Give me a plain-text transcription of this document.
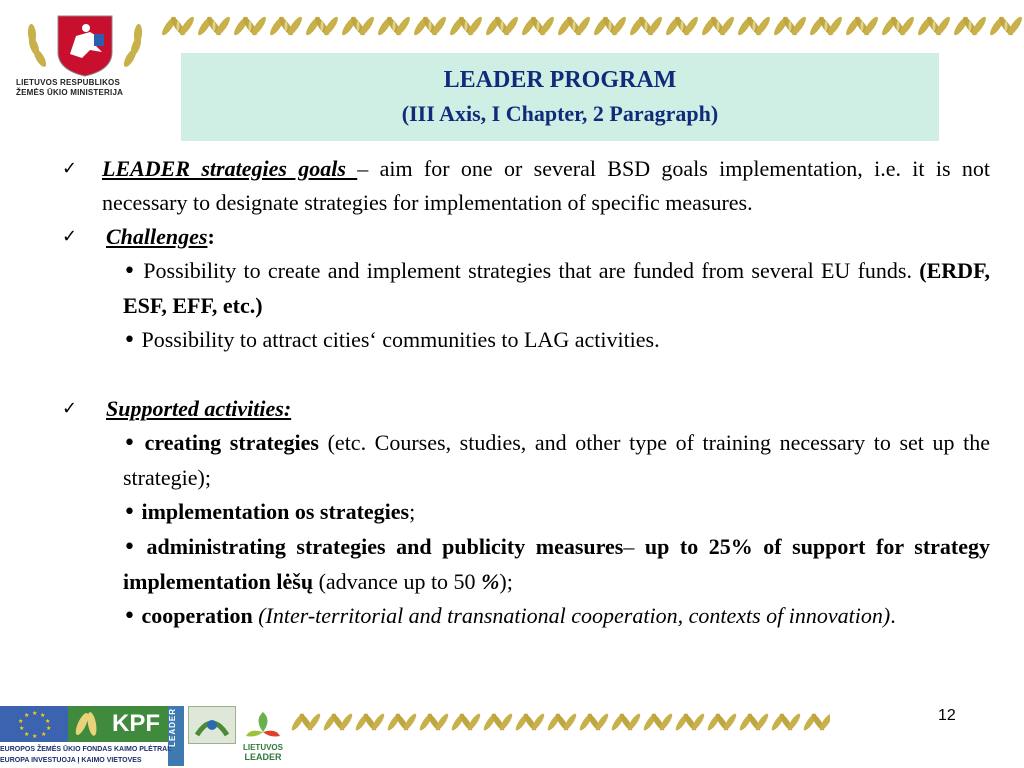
LIETUVOS RESPUBLIKOS
ŽEMĖS ŪKIO MINISTERIJA	LEADER PROGRAM
(III Axis, I Chapter, 2 Paragraph)
✓	LEADER strategies goals – aim for one or several BSD goals implementation, i.e. it is not necessary to designate strategies for implementation of specific measures.
✓	Challenges:
• Possibility to create and implement strategies that are funded from several EU funds. (ERDF, ESF, EFF, etc.)
• Possibility to attract cities‘ communities to LAG activities.
✓	Supported activities:
• creating strategies (etc. Courses, studies, and other type of training necessary to set up the strategie);
• implementation os strategies;
• administrating strategies and publicity measures– up to 25% of support for strategy implementation lėšų (advance up to 50 %);
• cooperation (Inter-territorial and transnational cooperation, contexts of innovation).
★ ★
★
★
★
★
★
★
★
★	KPF LEADER
LIETUVOS
LEADER
EUROPOS ŽEMĖS ŪKIO FONDAS KAIMO PLĖTRAI:
EUROPA INVESTUOJA Į KAIMO VIETOVES
12
